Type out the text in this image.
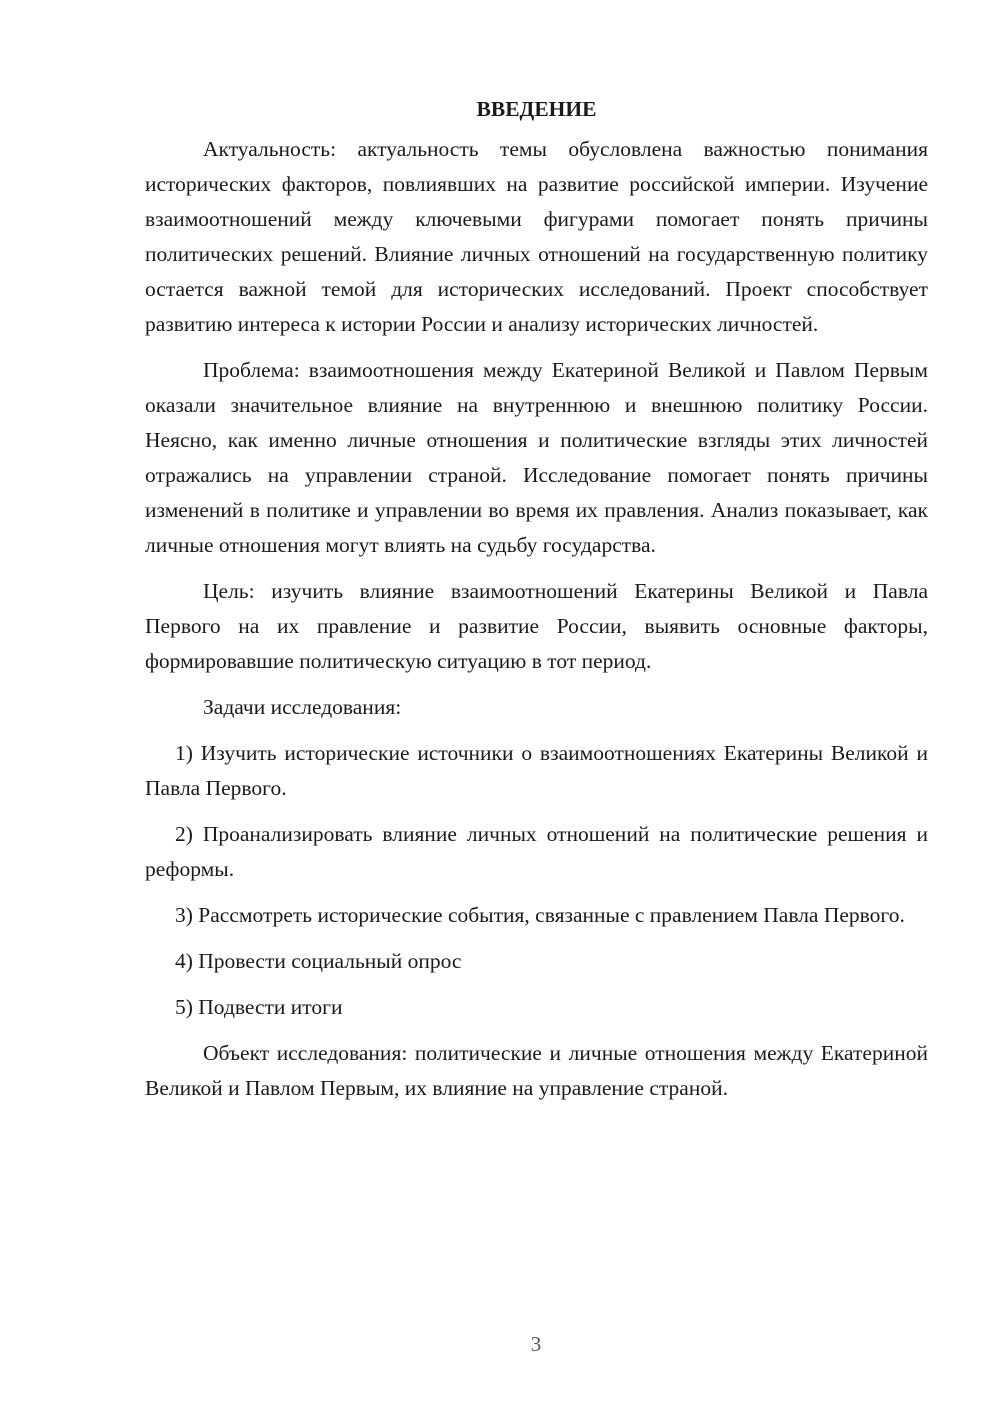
ВВЕДЕНИЕ

Актуальность: актуальность темы обусловлена важностью понимания исторических факторов, повлиявших на развитие российской империи. Изучение взаимоотношений между ключевыми фигурами помогает понять причины политических решений. Влияние личных отношений на государственную политику остается важной темой для исторических исследований. Проект способствует развитию интереса к истории России и анализу исторических личностей.

Проблема: взаимоотношения между Екатериной Великой и Павлом Первым оказали значительное влияние на внутреннюю и внешнюю политику России. Неясно, как именно личные отношения и политические взгляды этих личностей отражались на управлении страной. Исследование помогает понять причины изменений в политике и управлении во время их правления. Анализ показывает, как личные отношения могут влиять на судьбу государства.

Цель: изучить влияние взаимоотношений Екатерины Великой и Павла Первого на их правление и развитие России, выявить основные факторы, формировавшие политическую ситуацию в тот период.

Задачи исследования:

1) Изучить исторические источники о взаимоотношениях Екатерины Великой и Павла Первого.

2) Проанализировать влияние личных отношений на политические решения и реформы.

3) Рассмотреть исторические события, связанные с правлением Павла Первого.

4) Провести социальный опрос

5) Подвести итоги

Объект исследования: политические и личные отношения между Екатериной Великой и Павлом Первым, их влияние на управление страной.

3
